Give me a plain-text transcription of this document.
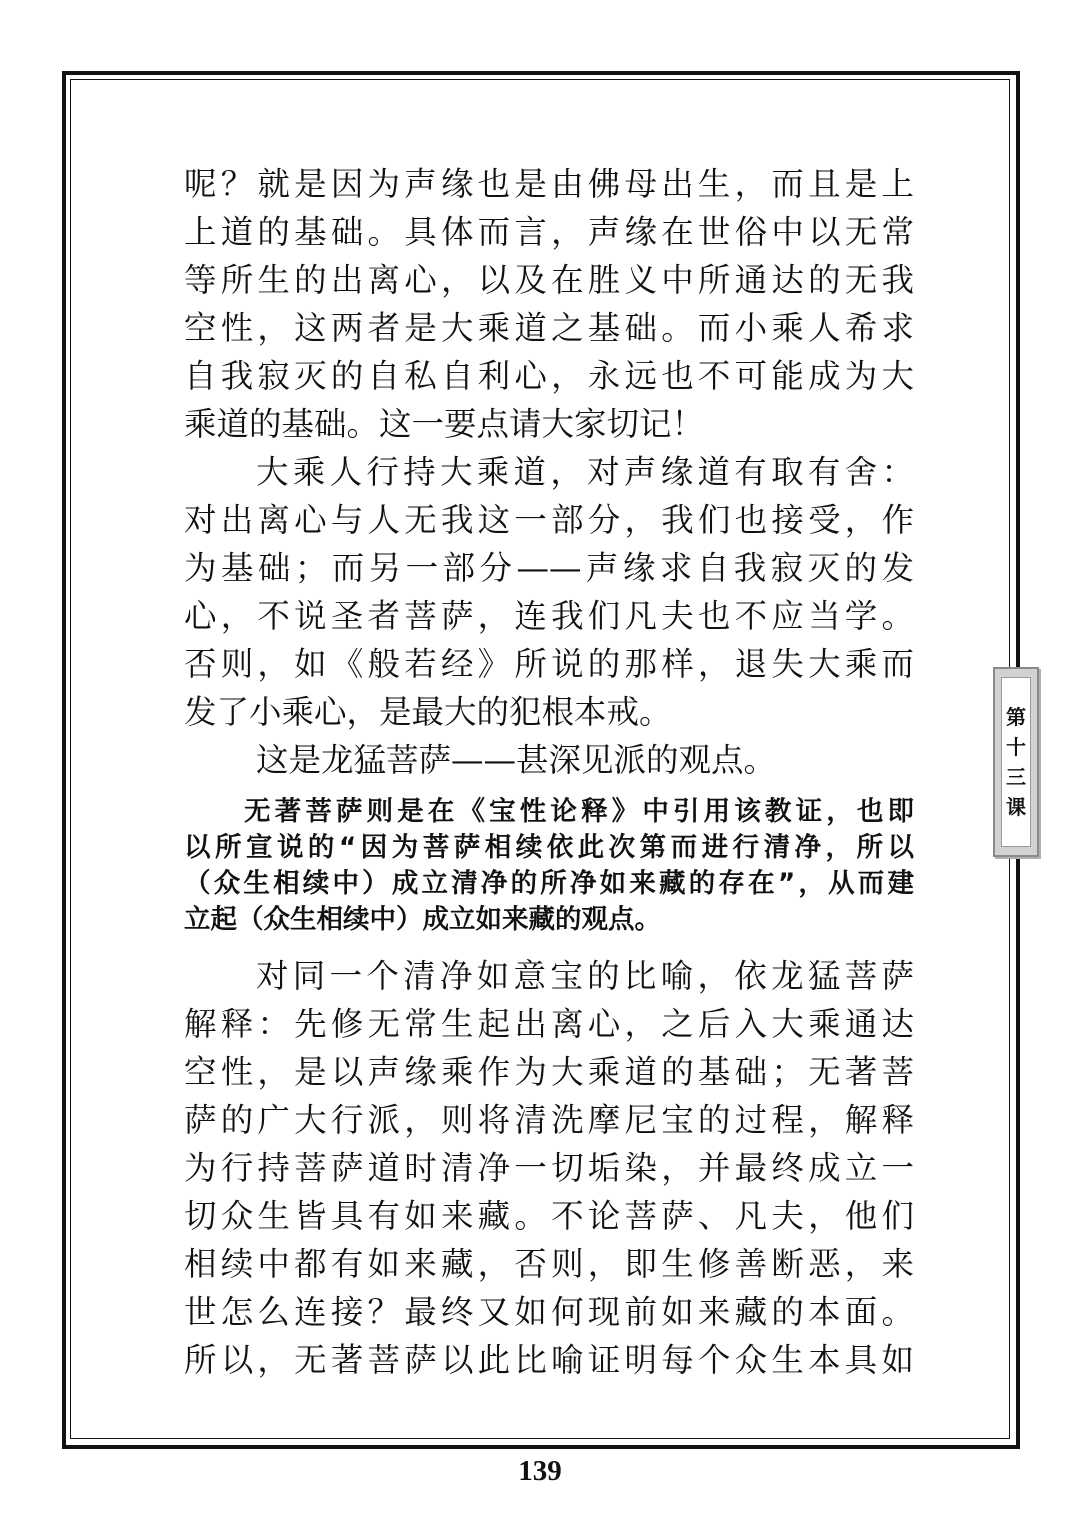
呢？就是因为声缘也是由佛母出生，而且是上
上道的基础。具体而言，声缘在世俗中以无常
等所生的出离心，以及在胜义中所通达的无我
空性，这两者是大乘道之基础。而小乘人希求
自我寂灭的自私自利心，永远也不可能成为大
乘道的基础。这一要点请大家切记！
大乘人行持大乘道，对声缘道有取有舍：
对出离心与人无我这一部分，我们也接受，作
为基础；而另一部分——声缘求自我寂灭的发
心，不说圣者菩萨，连我们凡夫也不应当学。
否则，如《般若经》所说的那样，退失大乘而
发了小乘心，是最大的犯根本戒。
这是龙猛菩萨——甚深见派的观点。
无著菩萨则是在《宝性论释》中引用该教证，也即
以所宣说的“因为菩萨相续依此次第而进行清净，所以
（众生相续中）成立清净的所净如来藏的存在”，从而建
立起（众生相续中）成立如来藏的观点。
对同一个清净如意宝的比喻，依龙猛菩萨
解释：先修无常生起出离心，之后入大乘通达
空性，是以声缘乘作为大乘道的基础；无著菩
萨的广大行派，则将清洗摩尼宝的过程，解释
为行持菩萨道时清净一切垢染，并最终成立一
切众生皆具有如来藏。不论菩萨、凡夫，他们
相续中都有如来藏，否则，即生修善断恶，来
世怎么连接？最终又如何现前如来藏的本面。
所以，无著菩萨以此比喻证明每个众生本具如
第
十
三
课
139
